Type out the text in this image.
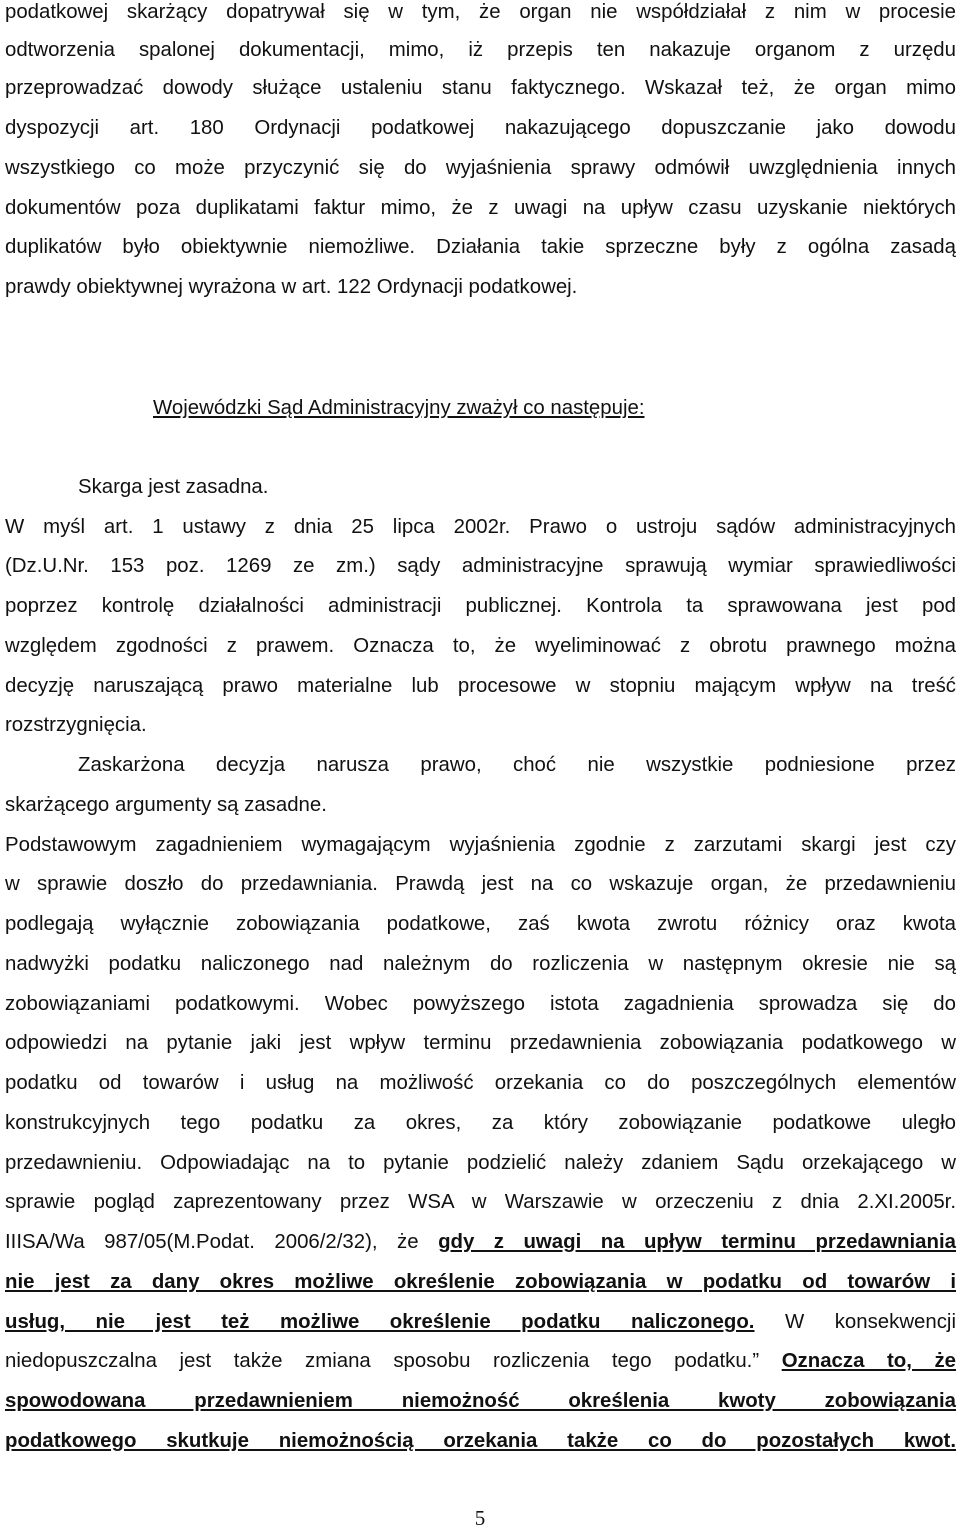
podatkowej skarżący dopatrywał się w tym, że organ nie współdziałał z nim w procesie
odtworzenia spalonej dokumentacji, mimo, iż przepis ten nakazuje organom z urzędu
przeprowadzać dowody służące ustaleniu stanu faktycznego. Wskazał też, że organ mimo
dyspozycji art. 180 Ordynacji podatkowej nakazującego dopuszczanie jako dowodu
wszystkiego co może przyczynić się do wyjaśnienia sprawy odmówił uwzględnienia innych
dokumentów poza duplikatami faktur mimo, że z uwagi na upływ czasu uzyskanie niektórych
duplikatów było obiektywnie niemożliwe. Działania takie sprzeczne były z ogólna zasadą
prawdy obiektywnej wyrażona w art. 122 Ordynacji podatkowej.
Wojewódzki Sąd Administracyjny zważył co następuje:
Skarga jest zasadna.
W myśl art. 1 ustawy z dnia 25 lipca 2002r. Prawo o ustroju sądów administracyjnych
(Dz.U.Nr. 153 poz. 1269 ze zm.) sądy administracyjne sprawują wymiar sprawiedliwości
poprzez kontrolę działalności administracji publicznej. Kontrola ta sprawowana jest pod
względem zgodności z prawem. Oznacza to, że wyeliminować z obrotu prawnego można
decyzję naruszającą prawo materialne lub procesowe w stopniu mającym wpływ na treść
rozstrzygnięcia.
Zaskarżona decyzja narusza prawo, choć nie wszystkie podniesione przez
skarżącego argumenty są zasadne.
Podstawowym zagadnieniem wymagającym wyjaśnienia zgodnie z zarzutami skargi jest czy
w sprawie doszło do przedawniania. Prawdą jest na co wskazuje organ, że przedawnieniu
podlegają wyłącznie zobowiązania podatkowe, zaś kwota zwrotu różnicy oraz kwota
nadwyżki podatku naliczonego nad należnym do rozliczenia w następnym okresie nie są
zobowiązaniami podatkowymi. Wobec powyższego istota zagadnienia sprowadza się do
odpowiedzi na pytanie jaki jest wpływ terminu przedawnienia zobowiązania podatkowego w
podatku od towarów i usług na możliwość orzekania co do poszczególnych elementów
konstrukcyjnych tego podatku za okres, za który zobowiązanie podatkowe uległo
przedawnieniu. Odpowiadając na to pytanie podzielić należy zdaniem Sądu orzekającego w
sprawie pogląd zaprezentowany przez WSA w Warszawie w orzeczeniu z dnia 2.XI.2005r.
IIISA/Wa 987/05(M.Podat. 2006/2/32), że gdy z uwagi na upływ terminu przedawniania
nie jest za dany okres możliwe określenie zobowiązania w podatku od towarów i
usług, nie jest też możliwe określenie podatku naliczonego. W konsekwencji
niedopuszczalna jest także zmiana sposobu rozliczenia tego podatku.” Oznacza to, że
spowodowana przedawnieniem niemożność określenia kwoty zobowiązania
podatkowego skutkuje niemożnością orzekania także co do pozostałych kwot.
5
